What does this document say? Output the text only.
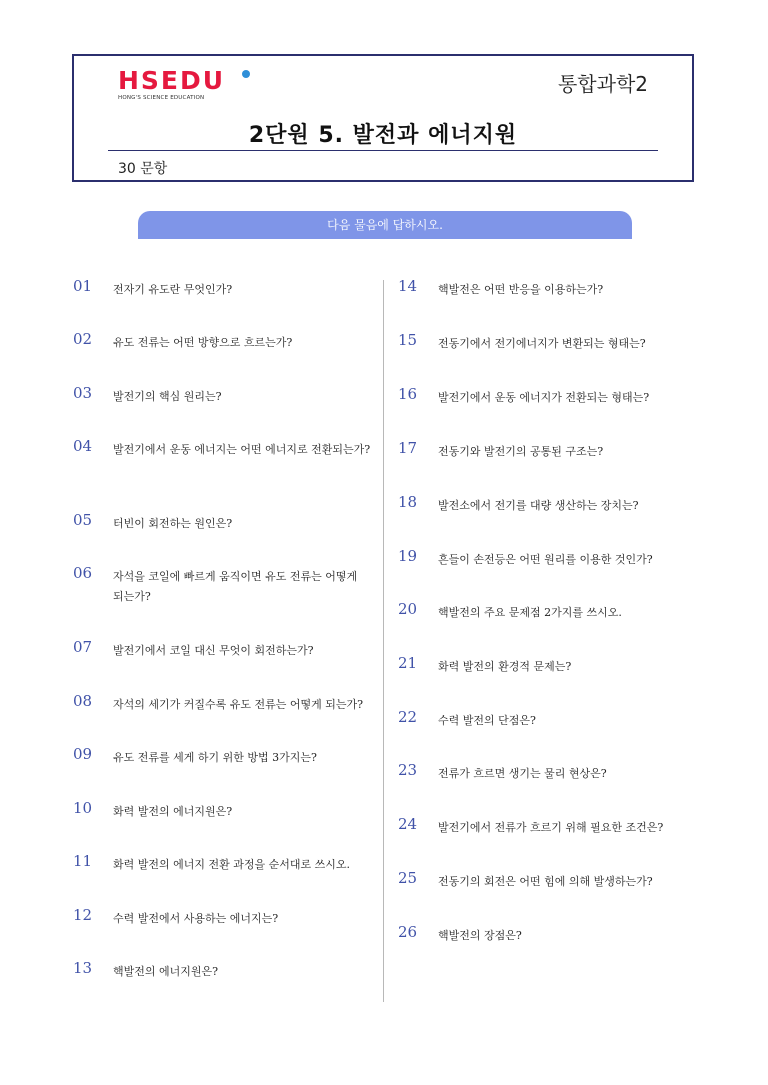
HSEDU
HONG'S SCIENCE EDUCATION
통합과학2
2단원 5. 발전과 에너지원
30 문항
다음 물음에 답하시오.
01 전자기 유도란 무엇인가?
02 유도 전류는 어떤 방향으로 흐르는가?
03 발전기의 핵심 원리는?
04 발전기에서 운동 에너지는 어떤 에너지로 전환되는가?
05 터빈이 회전하는 원인은?
06 자석을 코일에 빠르게 움직이면 유도 전류는 어떻게 되는가?
07 발전기에서 코일 대신 무엇이 회전하는가?
08 자석의 세기가 커질수록 유도 전류는 어떻게 되는가?
09 유도 전류를 세게 하기 위한 방법 3가지는?
10 화력 발전의 에너지원은?
11 화력 발전의 에너지 전환 과정을 순서대로 쓰시오.
12 수력 발전에서 사용하는 에너지는?
13 핵발전의 에너지원은?
14 핵발전은 어떤 반응을 이용하는가?
15 전동기에서 전기에너지가 변환되는 형태는?
16 발전기에서 운동 에너지가 전환되는 형태는?
17 전동기와 발전기의 공통된 구조는?
18 발전소에서 전기를 대량 생산하는 장치는?
19 흔들이 손전등은 어떤 원리를 이용한 것인가?
20 핵발전의 주요 문제점 2가지를 쓰시오.
21 화력 발전의 환경적 문제는?
22 수력 발전의 단점은?
23 전류가 흐르면 생기는 물리 현상은?
24 발전기에서 전류가 흐르기 위해 필요한 조건은?
25 전동기의 회전은 어떤 힘에 의해 발생하는가?
26 핵발전의 장점은?
